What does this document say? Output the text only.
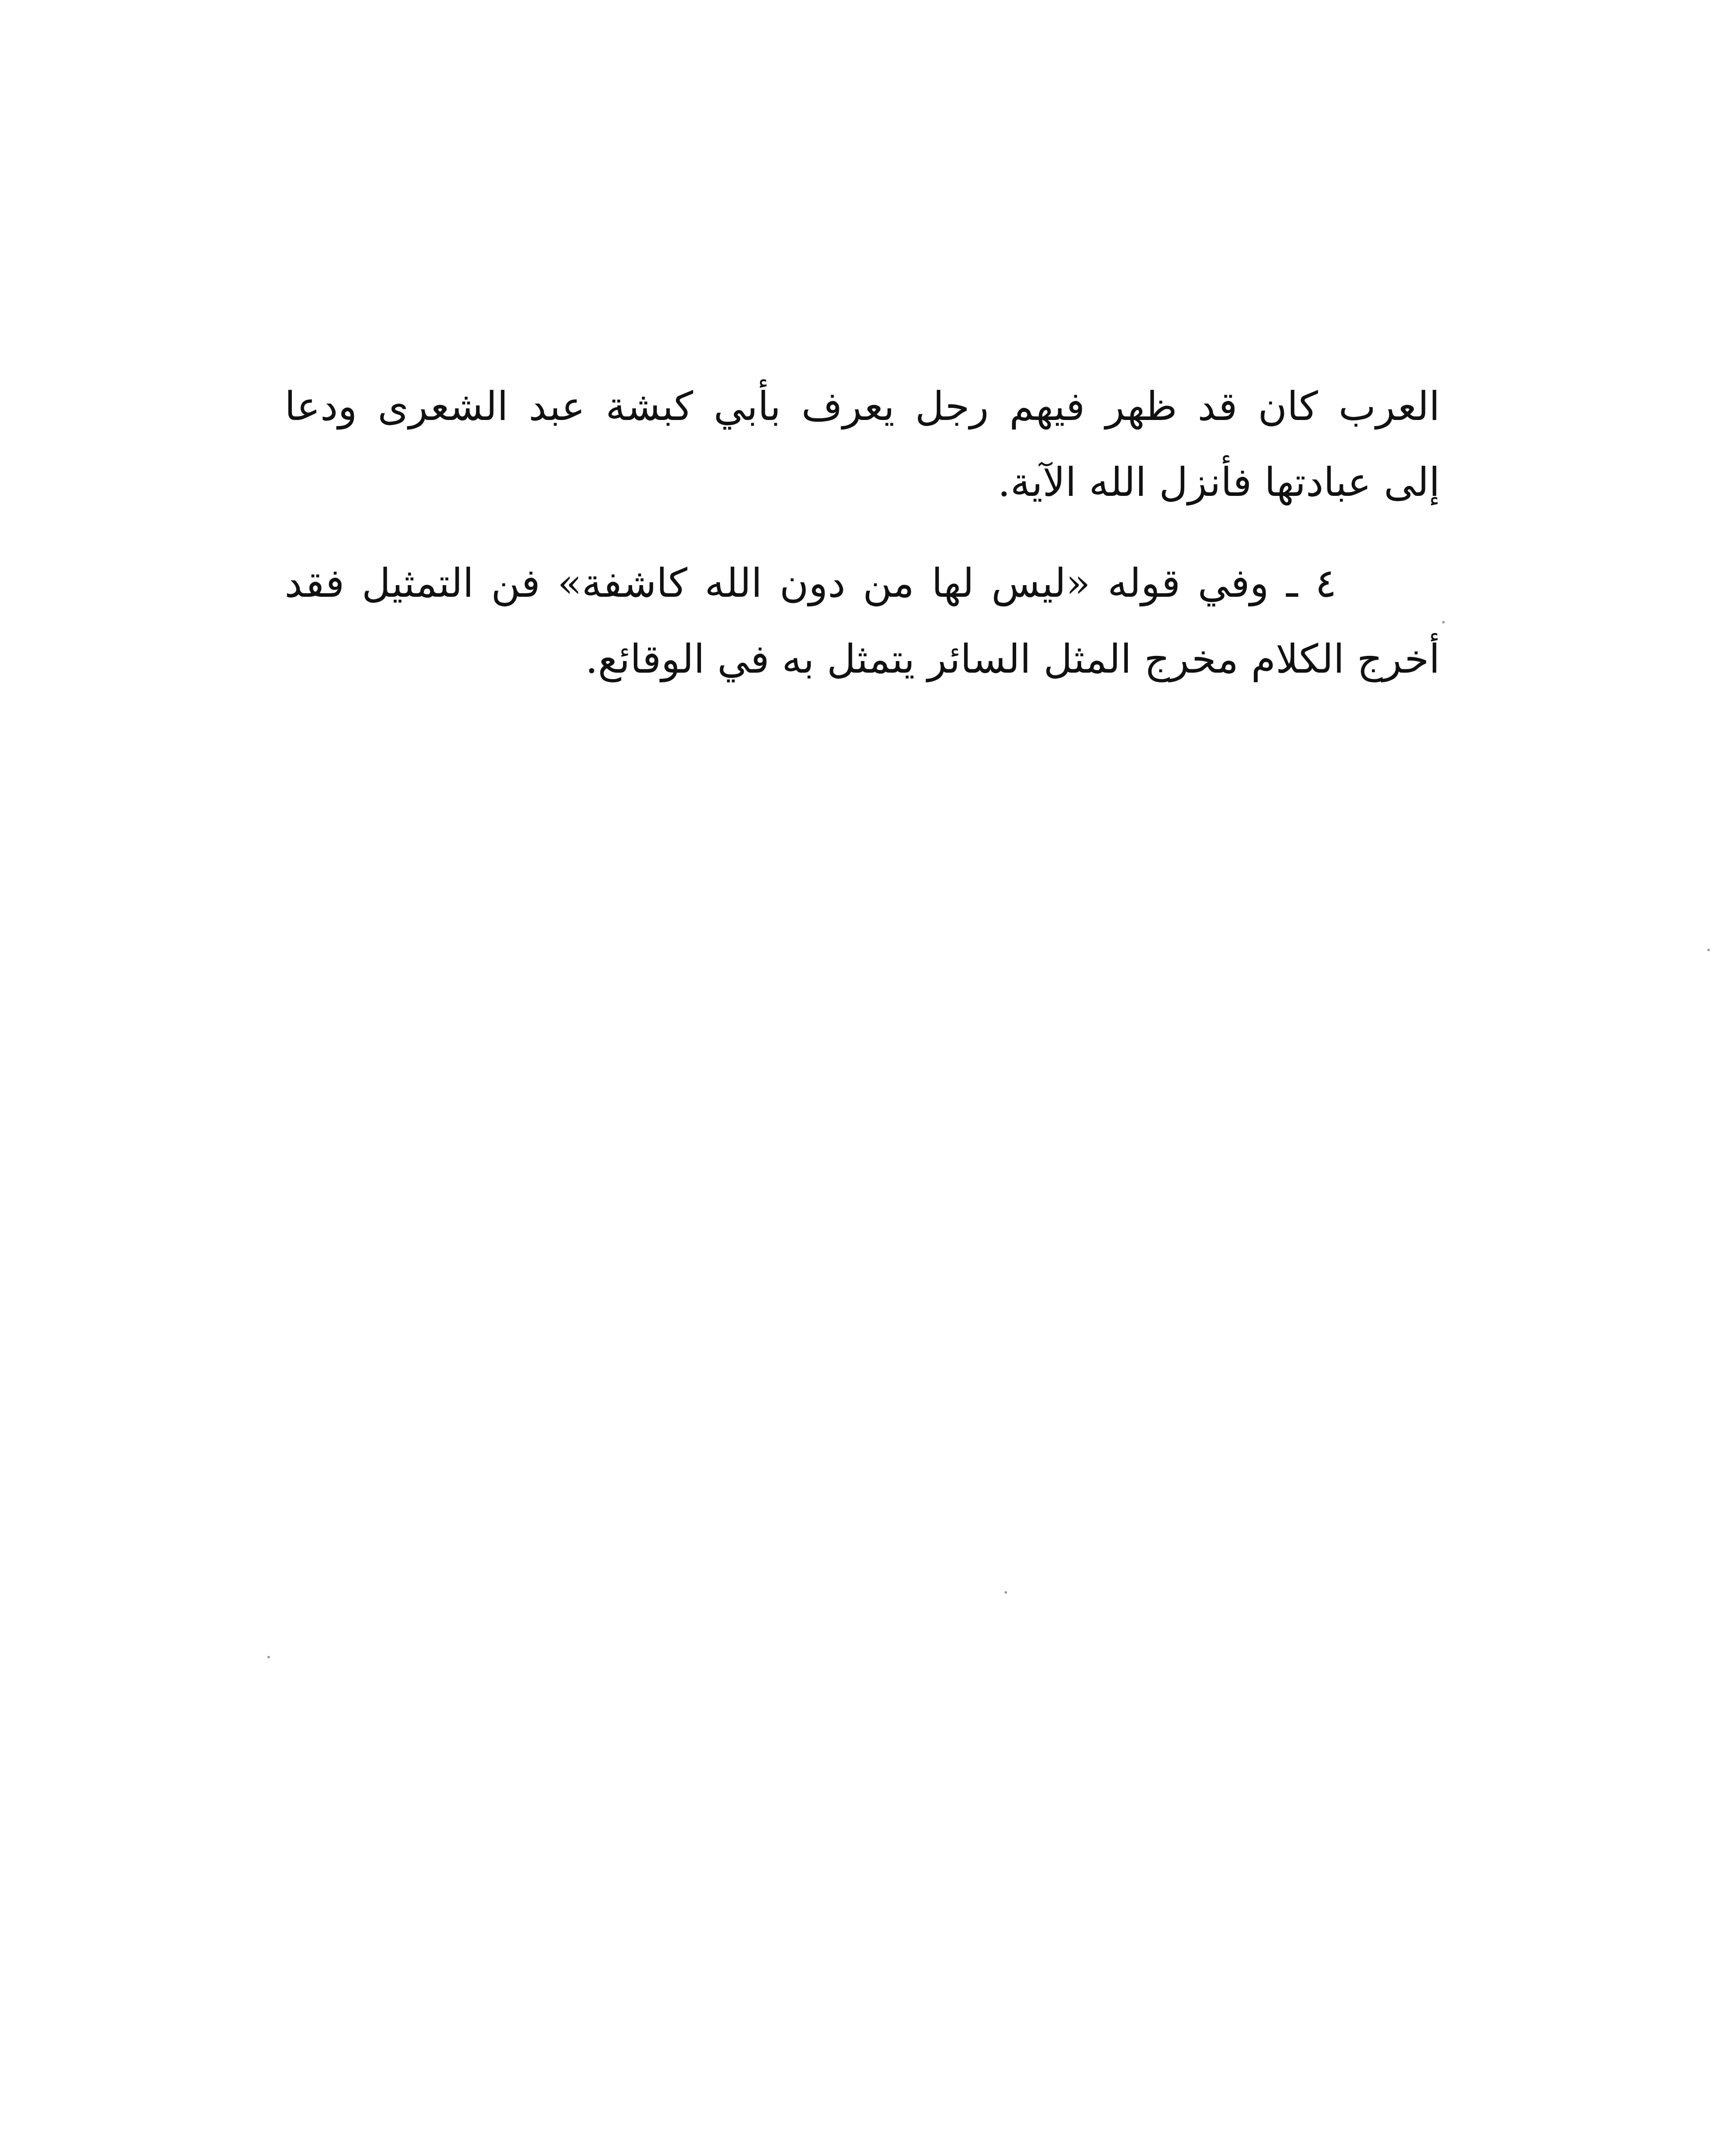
العرب كان قد ظهر فيهم رجل يعرف بأبي كبشة عبد الشعرى ودعا
إلى عبادتها فأنزل الله الآية.
٤ ـ وفي قوله «ليس لها من دون الله كاشفة» فن التمثيل فقد
أخرج الكلام مخرج المثل السائر يتمثل به في الوقائع.
